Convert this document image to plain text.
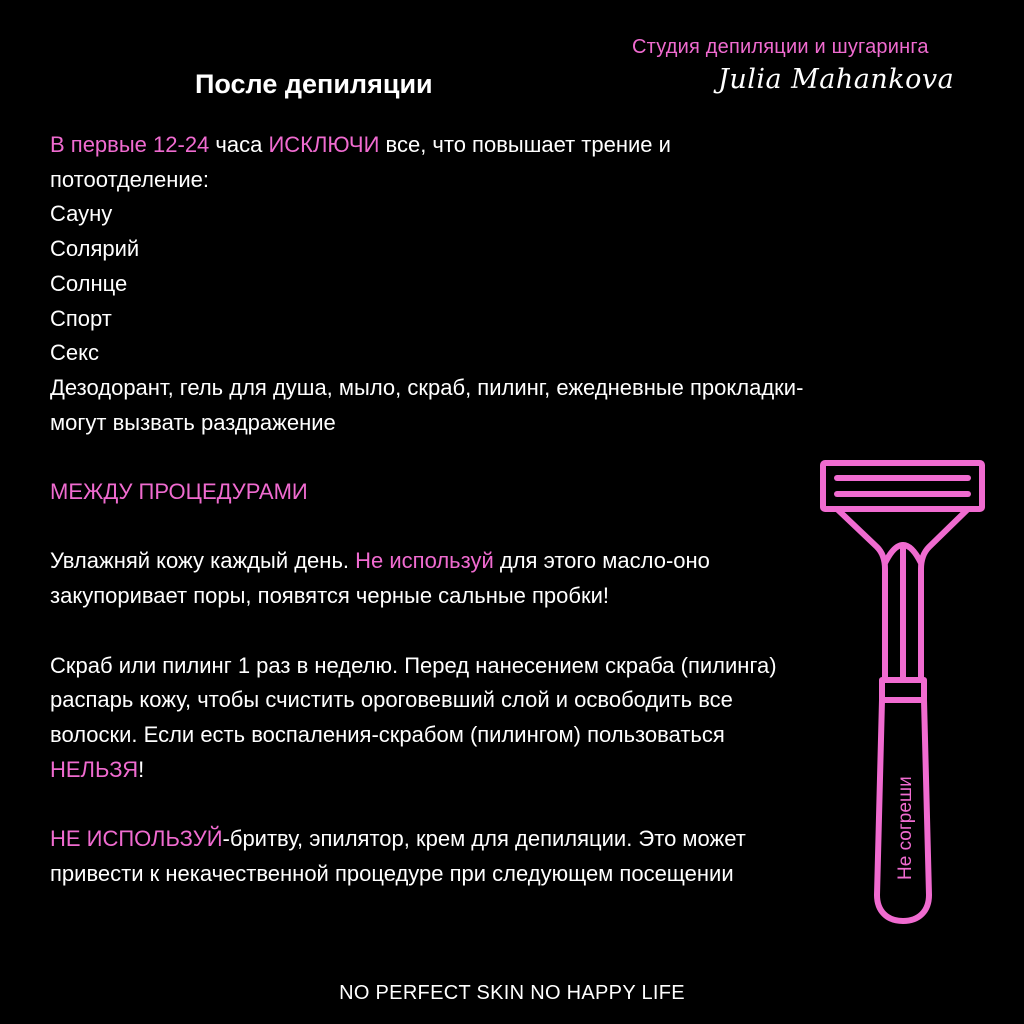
Студия депиляции и шугаринга
Julia Mahankova
После депиляции

В первые 12-24 часа ИСКЛЮЧИ все, что повышает трение и потоотделение:

Сауну

Солярий

Солнце

Спорт

Секс

Дезодорант, гель для душа, мыло, скраб, пилинг, ежедневные прокладки-могут вызвать раздражение

МЕЖДУ ПРОЦЕДУРАМИ

Увлажняй кожу каждый день. Не используй для этого масло-оно закупоривает поры, появятся черные сальные пробки!

Скраб или пилинг 1 раз в неделю. Перед нанесением скраба (пилинга) распарь кожу, чтобы счистить ороговевший слой и освободить все волоски. Если есть воспаления-скрабом (пилингом) пользоваться НЕЛЬЗЯ!

НЕ ИСПОЛЬЗУЙ-бритву, эпилятор, крем для депиляции. Это может привести к некачественной процедуре при следующем посещении	Не согреши
NO PERFECT SKIN NO HAPPY LIFE
